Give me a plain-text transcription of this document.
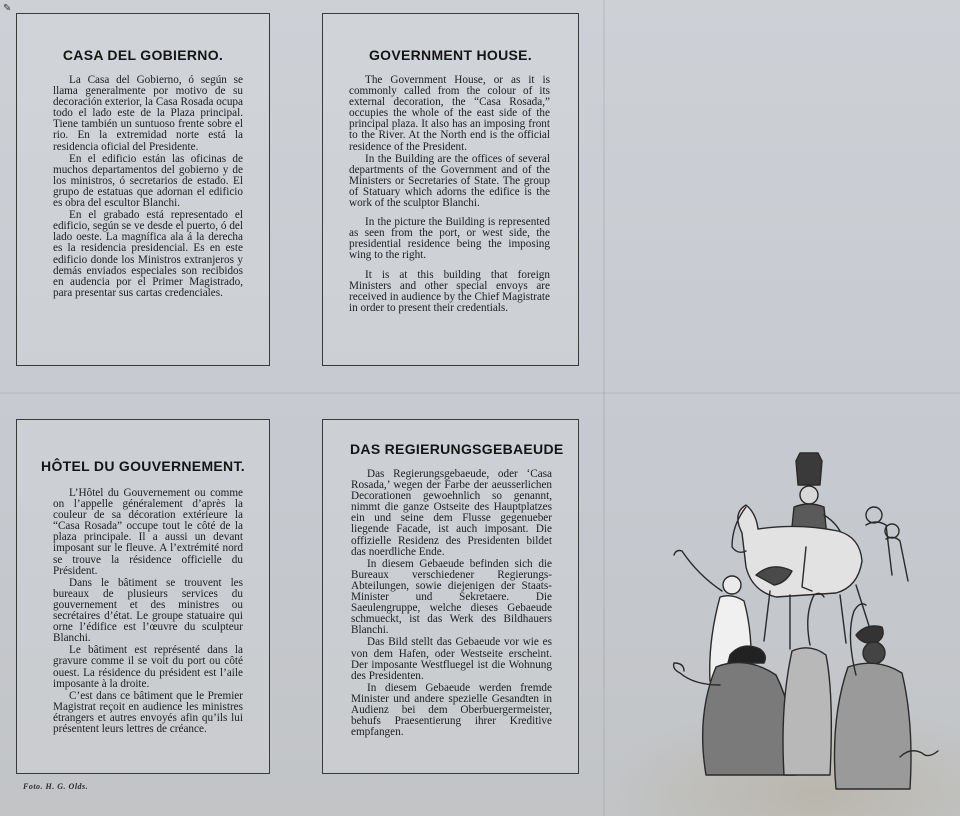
✎
CASA DEL GOBIERNO.

La Casa del Gobierno, ó según se llama generalmente por motivo de su decoración exterior, la Casa Rosada ocupa todo el lado este de la Plaza principal. Tiene también un suntuoso frente sobre el rio. En la extremidad norte está la residencia oficial del Presidente.

En el edificio están las oficinas de muchos departamentos del gobierno y de los ministros, ó secretarios de estado. El grupo de estatuas que adornan el edificio es obra del escultor Blanchi.

En el grabado está representado el edificio, según se ve desde el puerto, ó del lado oeste. La magnífica ala á la derecha es la residencia presidencial. Es en este edificio donde los Ministros extranjeros y demás enviados especiales son recibidos en audencia por el Primer Magistrado, para presentar sus cartas credenciales.

GOVERNMENT HOUSE.

The Government House, or as it is commonly called from the colour of its external decoration, the “Casa Rosada,” occupies the whole of the east side of the principal plaza. It also has an imposing front to the River. At the North end is the official residence of the President.

In the Building are the offices of several departments of the Government and of the Ministers or Secretaries of State. The group of Statuary which adorns the edifice is the work of the sculptor Blanchi.

In the picture the Building is represented as seen from the port, or west side, the presidential residence being the imposing wing to the right.

It is at this building that foreign Ministers and other special envoys are received in audience by the Chief Magistrate in order to present their credentials.

HÔTEL DU GOUVERNEMENT.

L’Hôtel du Gouvernement ou comme on l’appelle généralement d’après la couleur de sa décoration extérieure la “Casa Rosada” occupe tout le côté de la plaza principale. Il a aussi un devant imposant sur le fleuve. A l’extrémité nord se trouve la résidence officielle du Président.

Dans le bâtiment se trouvent les bureaux de plusieurs services du gouvernement et des ministres ou secrétaires d’état. Le groupe statuaire qui orne l’édifice est l’œuvre du sculpteur Blanchi.

Le bâtiment est représenté dans la gravure comme il se voit du port ou côté ouest. La résidence du président est l’aile imposante à la droite.

C’est dans ce bâtiment que le Premier Magistrat reçoit en audience les ministres étrangers et autres envoyés afin qu’ils lui présentent leurs lettres de créance.

DAS REGIERUNGSGEBAEUDE

Das Regierungsgebaeude, oder ‘Casa Rosada,’ wegen der Farbe der aeusserlichen Decorationen gewoehnlich so genannt, nimmt die ganze Ostseite des Hauptplatzes ein und seine dem Flusse gegenueber liegende Facade, ist auch imposant. Die offizielle Residenz des Presidenten bildet das noerdliche Ende.

In diesem Gebaeude befinden sich die Bureaux verschiedener Regierungs-Abteilungen, sowie diejenigen der Staats-Minister und Sekretaere. Die Saeulengruppe, welche dieses Gebaeude schmueckt, ist das Werk des Bildhauers Blanchi.

Das Bild stellt das Gebaeude vor wie es von dem Hafen, oder Westseite erscheint. Der imposante Westfluegel ist die Wohnung des Presidenten.

In diesem Gebaeude werden fremde Minister und andere spezielle Gesandten in Audienz bei dem Oberbuergermeister, behufs Praesentierung ihrer Kreditive empfangen.

Foto. H. G. Olds.
